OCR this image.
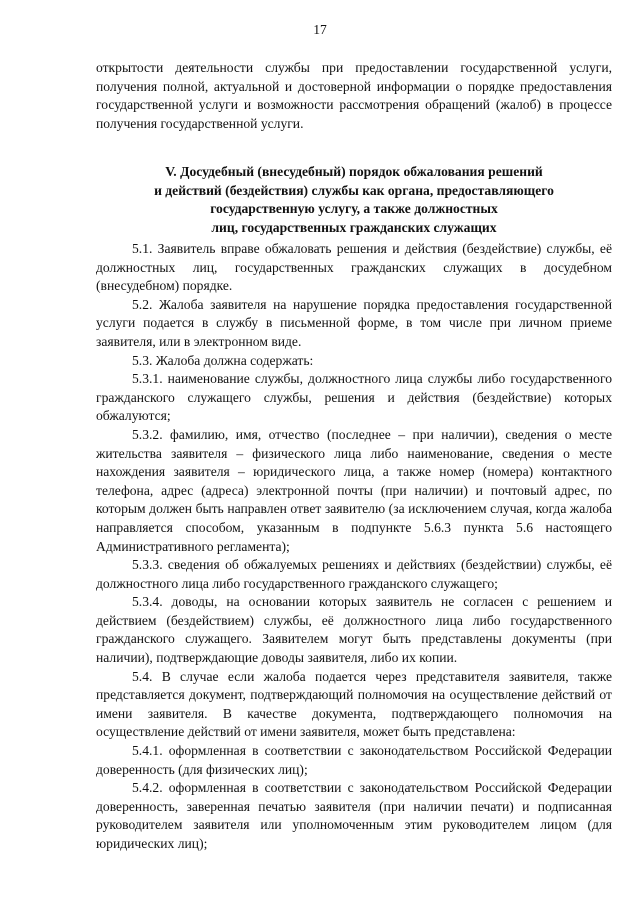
17

открытости деятельности службы при предоставлении государственной услуги, получения полной, актуальной и достоверной информации о порядке предоставления государственной услуги и возможности рассмотрения обращений (жалоб) в процессе получения государственной услуги.

V. Досудебный (внесудебный) порядок обжалования решений

и действий (бездействия) службы как органа, предоставляющего

государственную услугу, а также должностных

лиц, государственных гражданских служащих

5.1. Заявитель вправе обжаловать решения и действия (бездействие) службы, её должностных лиц, государственных гражданских служащих в досудебном (внесудебном) порядке.

5.2. Жалоба заявителя на нарушение порядка предоставления государственной услуги подается в службу в письменной форме, в том числе при личном приеме заявителя, или в электронном виде.

5.3. Жалоба должна содержать:

5.3.1. наименование службы, должностного лица службы либо государственного гражданского служащего службы, решения и действия (бездействие) которых обжалуются;

5.3.2. фамилию, имя, отчество (последнее – при наличии), сведения о месте жительства заявителя – физического лица либо наименование, сведения о месте нахождения заявителя – юридического лица, а также номер (номера) контактного телефона, адрес (адреса) электронной почты (при наличии) и почтовый адрес, по которым должен быть направлен ответ заявителю (за исключением случая, когда жалоба направляется способом, указанным в подпункте 5.6.3 пункта 5.6 настоящего Административного регламента);

5.3.3. сведения об обжалуемых решениях и действиях (бездействии) службы, её должностного лица либо государственного гражданского служащего;

5.3.4. доводы, на основании которых заявитель не согласен с решением и действием (бездействием) службы, её должностного лица либо государственного гражданского служащего. Заявителем могут быть представлены документы (при наличии), подтверждающие доводы заявителя, либо их копии.

5.4. В случае если жалоба подается через представителя заявителя, также представляется документ, подтверждающий полномочия на осуществление действий от имени заявителя. В качестве документа, подтверждающего полномочия на осуществление действий от имени заявителя, может быть представлена:

5.4.1. оформленная в соответствии с законодательством Российской Федерации доверенность (для физических лиц);

5.4.2. оформленная в соответствии с законодательством Российской Федерации доверенность, заверенная печатью заявителя (при наличии печати) и подписанная руководителем заявителя или уполномоченным этим руководителем лицом (для юридических лиц);
